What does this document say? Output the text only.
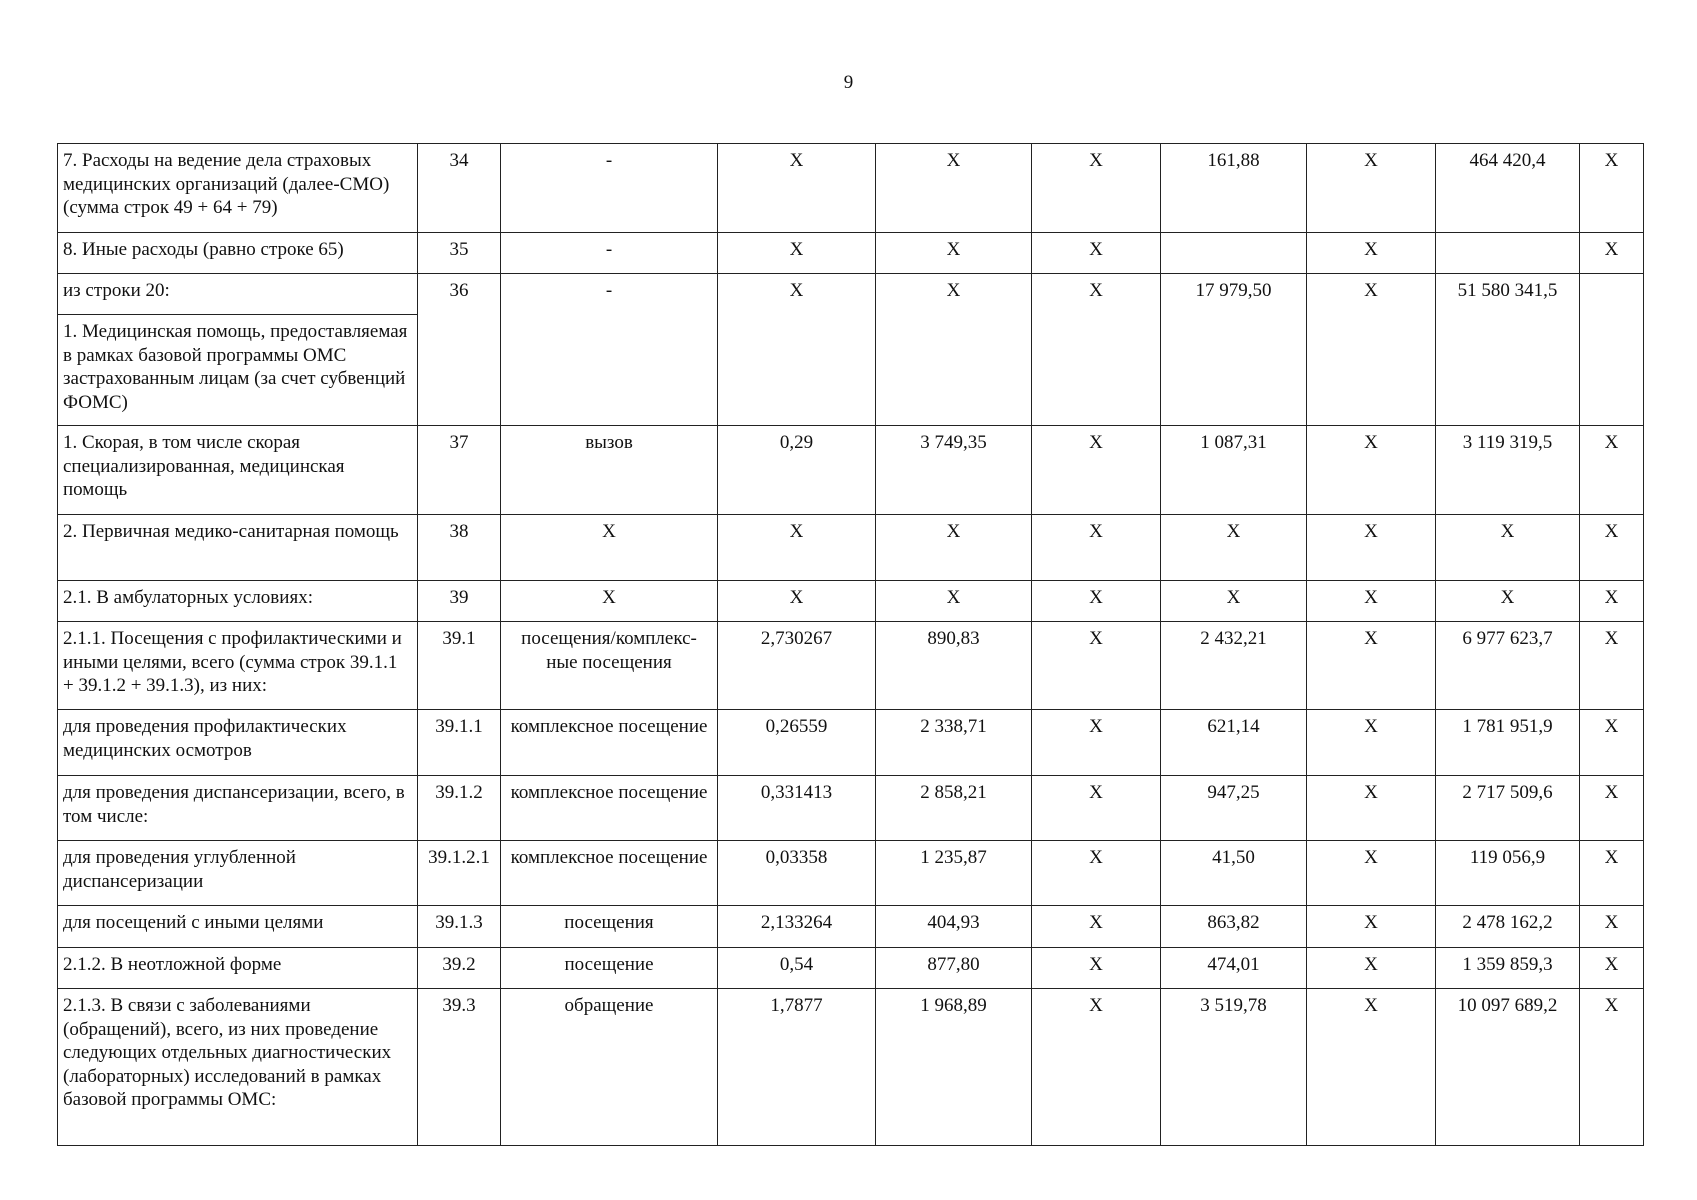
9
7. Расходы на ведение дела страховых медицинских организаций (далее-СМО) (сумма строк 49 + 64 + 79)	34	-	X	X	X	161,88	X	464 420,4	X
8. Иные расходы (равно строке 65)	35	-	X	X	X		X		X
из строки 20:	36	-	X	X	X	17 979,50	X	51 580 341,5	
1. Медицинская помощь, предоставляемая в рамках базовой программы ОМС застрахованным лицам (за счет субвенций ФОМС)									
1. Скорая, в том числе скорая специализированная, медицинская помощь	37	вызов	0,29	3 749,35	X	1 087,31	X	3 119 319,5	X
2. Первичная медико-санитарная помощь	38	X	X	X	X	X	X	X	X
2.1. В амбулаторных условиях:	39	X	X	X	X	X	X	X	X
2.1.1. Посещения с профилактическими и иными целями, всего (сумма строк 39.1.1 + 39.1.2 + 39.1.3), из них:	39.1	посещения/комплекс-ные посещения	2,730267	890,83	X	2 432,21	X	6 977 623,7	X
для проведения профилактических медицинских осмотров	39.1.1	комплексное посещение	0,26559	2 338,71	X	621,14	X	1 781 951,9	X
для проведения диспансеризации, всего, в том числе:	39.1.2	комплексное посещение	0,331413	2 858,21	X	947,25	X	2 717 509,6	X
для проведения углубленной диспансеризации	39.1.2.1	комплексное посещение	0,03358	1 235,87	X	41,50	X	119 056,9	X
для посещений с иными целями	39.1.3	посещения	2,133264	404,93	X	863,82	X	2 478 162,2	X
2.1.2. В неотложной форме	39.2	посещение	0,54	877,80	X	474,01	X	1 359 859,3	X
2.1.3. В связи с заболеваниями (обращений), всего, из них проведение следующих отдельных диагностических (лабораторных) исследований в рамках базовой программы ОМС:	39.3	обращение	1,7877	1 968,89	X	3 519,78	X	10 097 689,2	X
